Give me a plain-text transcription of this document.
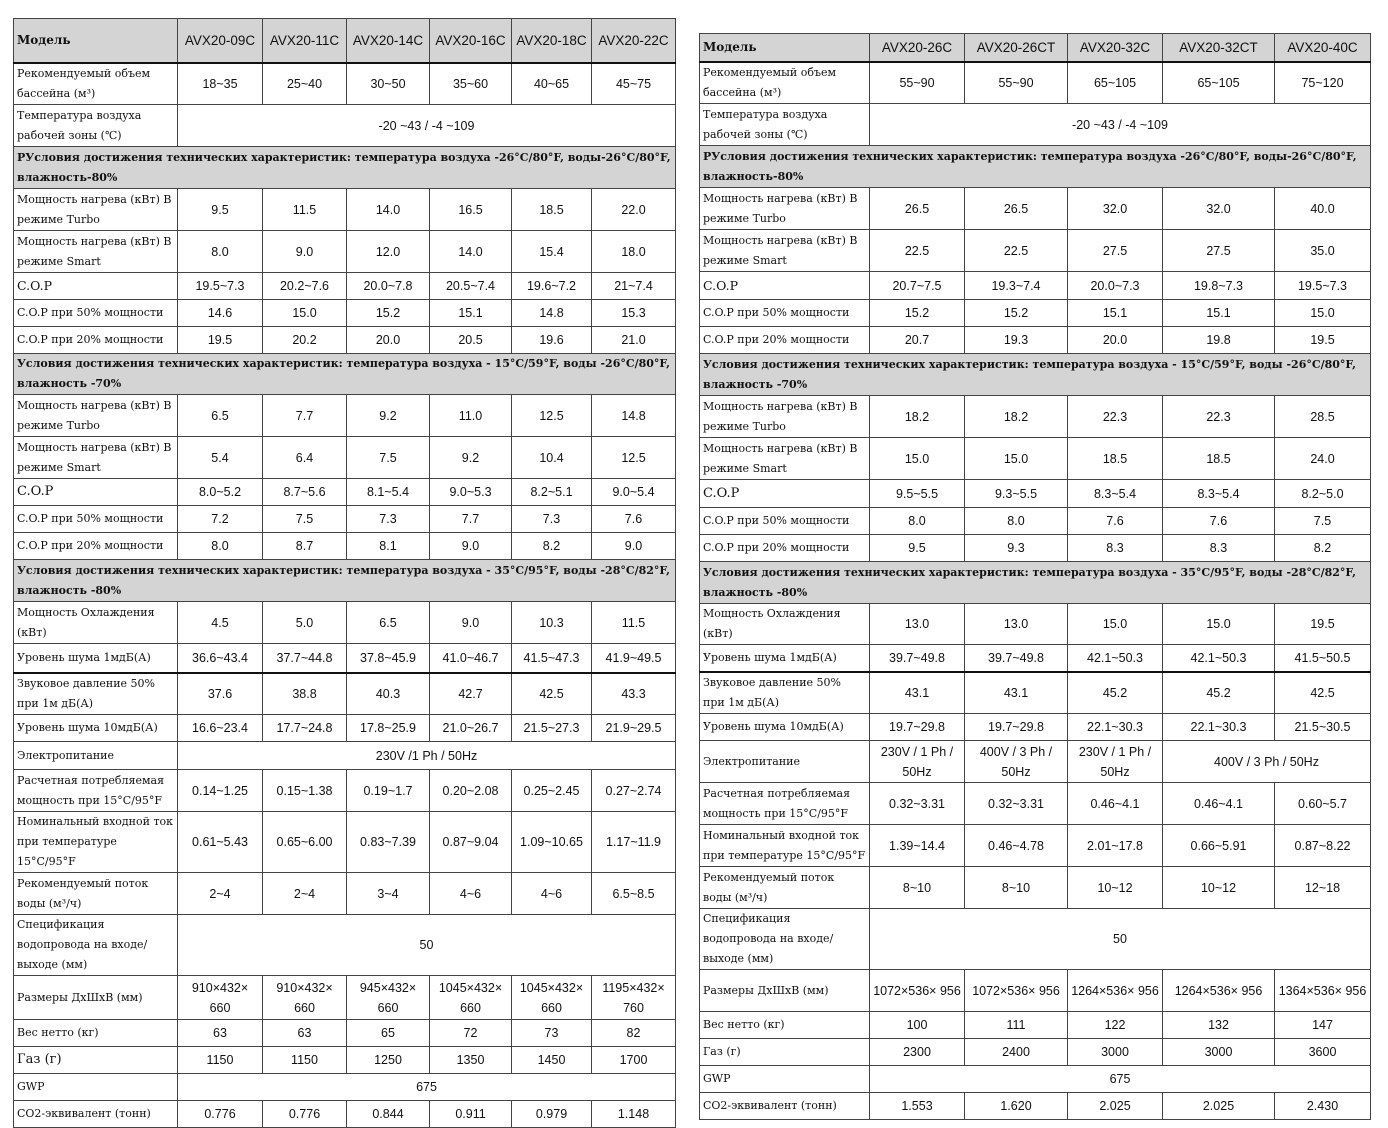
Модель	AVX20-09C	AVX20-11C	AVX20-14C	AVX20-16C	AVX20-18C	AVX20-22C
Рекомендуемый объем бассейна (м³)	18~35	25~40	30~50	35~60	40~65	45~75
Температура воздуха рабочей зоны (℃)	-20 ~43 / -4 ~109					
PУсловия достижения технических характеристик: температура воздуха -26°C/80°F, воды-26°C/80°F, влажность-80%						
Мощность нагрева (кВт) В режиме Turbo	9.5	11.5	14.0	16.5	18.5	22.0
Мощность нагрева (кВт) В режиме Smart	8.0	9.0	12.0	14.0	15.4	18.0
C.O.P	19.5~7.3	20.2~7.6	20.0~7.8	20.5~7.4	19.6~7.2	21~7.4
C.O.P при 50% мощности	14.6	15.0	15.2	15.1	14.8	15.3
C.O.P при 20% мощности	19.5	20.2	20.0	20.5	19.6	21.0
Условия достижения технических характеристик: температура воздуха - 15°C/59°F, воды -26°C/80°F, влажность -70%						
Мощность нагрева (кВт) В режиме Turbo	6.5	7.7	9.2	11.0	12.5	14.8
Мощность нагрева (кВт) В режиме Smart	5.4	6.4	7.5	9.2	10.4	12.5
C.O.P	8.0~5.2	8.7~5.6	8.1~5.4	9.0~5.3	8.2~5.1	9.0~5.4
C.O.P при 50% мощности	7.2	7.5	7.3	7.7	7.3	7.6
C.O.P при 20% мощности	8.0	8.7	8.1	9.0	8.2	9.0
Условия достижения технических характеристик: температура воздуха - 35°C/95°F, воды -28°C/82°F, влажность -80%						
Мощность Охлаждения (кВт)	4.5	5.0	6.5	9.0	10.3	11.5
Уровень шума 1мдБ(А)	36.6~43.4	37.7~44.8	37.8~45.9	41.0~46.7	41.5~47.3	41.9~49.5
Звуковое давление 50% при 1м дБ(А)	37.6	38.8	40.3	42.7	42.5	43.3
Уровень шума 10мдБ(А)	16.6~23.4	17.7~24.8	17.8~25.9	21.0~26.7	21.5~27.3	21.9~29.5
Электропитание	230V /1 Ph / 50Hz					
Расчетная потребляемая мощность при 15°C/95°F	0.14~1.25	0.15~1.38	0.19~1.7	0.20~2.08	0.25~2.45	0.27~2.74
Номинальный входной ток при температуре 15°C/95°F	0.61~5.43	0.65~6.00	0.83~7.39	0.87~9.04	1.09~10.65	1.17~11.9
Рекомендуемый поток воды (м³/ч)	2~4	2~4	3~4	4~6	4~6	6.5~8.5
Спецификация водопровода на входе/выходе (мм)	50					
Размеры ДxШxВ (мм)	910×432× 660	910×432× 660	945×432× 660	1045×432× 660	1045×432× 660	1195×432× 760
Вес нетто (кг)	63	63	65	72	73	82
Газ (г)	1150	1150	1250	1350	1450	1700
GWP	675					
CO2-эквивалент (тонн)	0.776	0.776	0.844	0.911	0.979	1.148
Модель	AVX20-26C	AVX20-26CT	AVX20-32C	AVX20-32CT	AVX20-40C
Рекомендуемый объем бассейна (м³)	55~90	55~90	65~105	65~105	75~120
Температура воздуха рабочей зоны (℃)	-20 ~43 / -4 ~109				
PУсловия достижения технических характеристик: температура воздуха -26°C/80°F, воды-26°C/80°F, влажность-80%					
Мощность нагрева (кВт) В режиме Turbo	26.5	26.5	32.0	32.0	40.0
Мощность нагрева (кВт) В режиме Smart	22.5	22.5	27.5	27.5	35.0
C.O.P	20.7~7.5	19.3~7.4	20.0~7.3	19.8~7.3	19.5~7.3
C.O.P при 50% мощности	15.2	15.2	15.1	15.1	15.0
C.O.P при 20% мощности	20.7	19.3	20.0	19.8	19.5
Условия достижения технических характеристик: температура воздуха - 15°C/59°F, воды -26°C/80°F, влажность -70%					
Мощность нагрева (кВт) В режиме Turbo	18.2	18.2	22.3	22.3	28.5
Мощность нагрева (кВт) В режиме Smart	15.0	15.0	18.5	18.5	24.0
C.O.P	9.5~5.5	9.3~5.5	8.3~5.4	8.3~5.4	8.2~5.0
C.O.P при 50% мощности	8.0	8.0	7.6	7.6	7.5
C.O.P при 20% мощности	9.5	9.3	8.3	8.3	8.2
Условия достижения технических характеристик: температура воздуха - 35°C/95°F, воды -28°C/82°F, влажность -80%					
Мощность Охлаждения (кВт)	13.0	13.0	15.0	15.0	19.5
Уровень шума 1мдБ(А)	39.7~49.8	39.7~49.8	42.1~50.3	42.1~50.3	41.5~50.5
Звуковое давление 50% при 1м дБ(А)	43.1	43.1	45.2	45.2	42.5
Уровень шума 10мдБ(А)	19.7~29.8	19.7~29.8	22.1~30.3	22.1~30.3	21.5~30.5
Электропитание	230V / 1 Ph / 50Hz	400V / 3 Ph / 50Hz	230V / 1 Ph / 50Hz	400V / 3 Ph / 50Hz	
Расчетная потребляемая мощность при 15°C/95°F	0.32~3.31	0.32~3.31	0.46~4.1	0.46~4.1	0.60~5.7
Номинальный входной ток при температуре 15°C/95°F	1.39~14.4	0.46~4.78	2.01~17.8	0.66~5.91	0.87~8.22
Рекомендуемый поток воды (м³/ч)	8~10	8~10	10~12	10~12	12~18
Спецификация водопровода на входе/выходе (мм)	50				
Размеры ДxШxВ (мм)	1072×536× 956	1072×536× 956	1264×536× 956	1264×536× 956	1364×536× 956
Вес нетто (кг)	100	111	122	132	147
Газ (г)	2300	2400	3000	3000	3600
GWP	675				
CO2-эквивалент (тонн)	1.553	1.620	2.025	2.025	2.430
